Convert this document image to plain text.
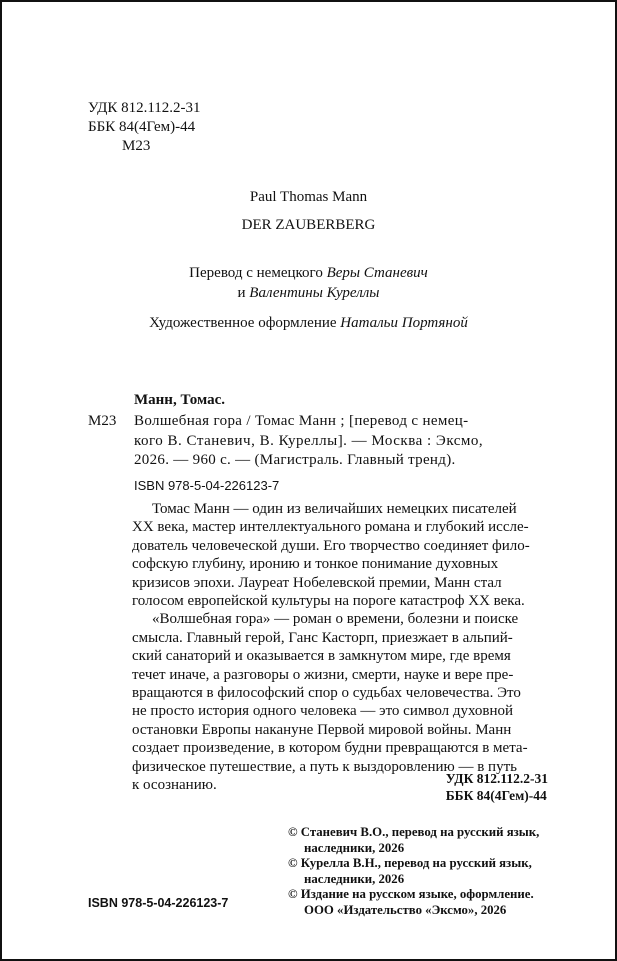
УДК 812.112.2-31
ББК 84(4Гем)-44
М23
Paul Thomas Mann
DER ZAUBERBERG
Перевод с немецкого Веры Станевич
и Валентины Куреллы
Художественное оформление Натальи Портяной
Манн, Томас.
М23 Волшебная гора / Томас Манн ; [перевод с немец-
кого В. Станевич, В. Куреллы]. — Москва : Эксмо,
2026. — 960 с. — (Магистраль. Главный тренд).
ISBN 978-5-04-226123-7

Томас Манн — один из величайших немецких писателей
XX века, мастер интеллектуального романа и глубокий иссле-
дователь человеческой души. Его творчество соединяет фило-
софскую глубину, иронию и тонкое понимание духовных
кризисов эпохи. Лауреат Нобелевской премии, Манн стал
голосом европейской культуры на пороге катастроф XX века.

«Волшебная гора» — роман о времени, болезни и поиске
смысла. Главный герой, Ганс Касторп, приезжает в альпий-
ский санаторий и оказывается в замкнутом мире, где время
течет иначе, а разговоры о жизни, смерти, науке и вере пре-
вращаются в философский спор о судьбах человечества. Это
не просто история одного человека — это символ духовной
остановки Европы накануне Первой мировой войны. Манн
создает произведение, в котором будни превращаются в мета-
физическое путешествие, а путь к выздоровлению — в путь
к осознанию.	УДК 812.112.2-31
ББК 84(4Гем)-44
© Станевич В.О., перевод на русский язык,
наследники, 2026
© Курелла В.Н., перевод на русский язык,
наследники, 2026
© Издание на русском языке, оформление.
ООО «Издательство «Эксмо», 2026
ISBN 978-5-04-226123-7
